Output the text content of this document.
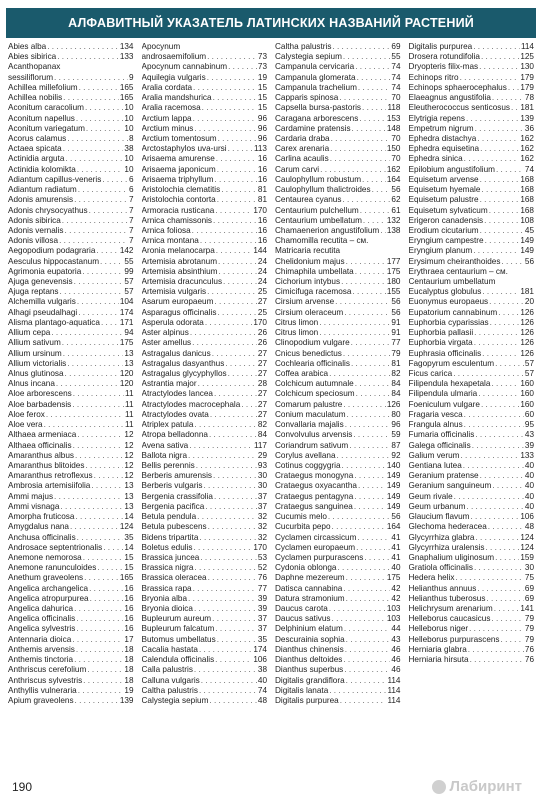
АЛФАВИТНЫЙ УКАЗАТЕЛЬ ЛАТИНСКИХ НАЗВАНИЙ РАСТЕНИЙ
Abies alba . . .	134
Abies sibirica . . .	133
Acanthopanax
sessiliflorum . . .	9
Achillea millefolium . . .	165
Achillea nobilis . . .	165
Aconitum caracolium . . .	10
Aconitum napellus . . .	10
Aconitum variegatum . . .	10
Acorus calamus . . .	8
Actaea spicata . . .	38
Actinidia arguta . . .	10
Actinidia kolomikta . . .	10
Adiantum capillus-veneris . . .	6
Adiantum radiatum . . .	6
Adonis amurensis . . .	7
Adonis chrysocyathus . . .	7
Adonis sibirica . . .	7
Adonis vernalis . . .	7
Adonis villosa . . .	7
Aegopodium podagraria . . .	142
Aesculus hippocastanum . . .	55
Agrimonia eupatoria . . .	99
Ajuga genevensis . . .	57
Ajuga reptans . . .	57
Alchemilla vulgaris . . .	104
Alhagi pseudalhagi . . .	174
Alisma plantago-aquatica . . . 171
Allium cepa . . .	94
Allium sativum . . .	175
Allium ursinum . . .	13
Allium victorialis . . .	13
Alnus glutinosa . . .	120
Alnus incana . . .	120
Aloe arborescens . . .	11
Aloe barbadensis . . .	11
Aloe ferox . . .	11
Aloe vera . . .	11
Althaea armeniaca . . .	12
Althaea officinalis . . .	12
Amaranthus albus . . .	12
Amaranthus blitoides . . .	12
Amaranthus retroflexus . . .	12
Ambrosia artemisiifolia . . .	13
Ammi majus . . .	13
Ammi visnaga . . .	13
Amorpha fruticosa . . .	14
Amygdalus nana . . .	124
Anchusa officinalis . . .	35
Androsace septentrionalis . . .	14
Anemone nemorosa . . .	15
Anemone ranunculoides . . .	15
Anethum graveolens . . .	165
Angelica archangelica . . .	16
Angelica atropurpurea . . .	16
Angelica dahurica . . .	16
Angelica officinalis . . .	16
Angelica sylvestris . . .	16
Antennaria dioica . . .	17
Anthemis arvensis . . .	18
Anthemis tinctoria . . .	18
Anthriscus cerefolium . . .	18
Anthriscus sylvestris . . .	18
Anthyllis vulneraria . . .	19
Apium graveolens . . .	139
Apocynum
androsaemifolium . . .	73
Apocynum cannabinum . . .	73
Aquilegia vulgaris . . .	19
Aralia cordata . . .	15
Aralia mandshurica . . .	15
Aralia racemosa . . .	15
Arctium lappa . . .	96
Arctium minus . . .	96
Arctium tomentosum . . .	96
Arctostaphylos uva-ursi . . .	113
Arisaema amurense . . .	16
Arisaema japonicum . . .	16
Arisaema triphyllum . . .	16
Aristolochia clematitis . . .	81
Aristolochia contorta . . .	81
Armoracia rusticana . . .	170
Arnica chamissonis . . .	16
Arnica foliosa . . .	16
Arnica montana . . .	16
Aronia melanocarpa . . .	144
Artemisia abrotanum . . .	24
Artemisia absinthium . . .	24
Artemisia dracunculus . . .	24
Artemisia vulgaris . . .	25
Asarum europaeum . . .	27
Asparagus officinalis . . .	25
Asperula odorata . . .	170
Aster alpinus . . .	26
Aster amellus . . .	26
Astragalus danicus . . .	27
Astragalus dasyanthus . . .	27
Astragalus glycyphyllos . . .	27
Astrantia major . . .	28
Atractylodes lancea . . .	27
Atractylodes macrocephala . . . 27
Atractylodes ovata . . .	27
Atriplex patula . . .	82
Atropa belladonna . . .	84
Avena sativa . . .	117
Ballota nigra . . .	29
Bellis perennis . . .	93
Berberis amurensis . . .	30
Berberis vulgaris . . .	30
Bergenia crassifolia . . .	37
Bergenia pacifica . . .	37
Betula pendula . . .	32
Betula pubescens . . .	32
Bidens tripartita . . .	32
Boletus edulis . . .	170
Brassica juncea . . .	53
Brassica nigra . . .	52
Brassica oleracea . . .	76
Brassica rapa . . .	77
Bryonia alba . . .	39
Bryonia dioica . . .	39
Bupleurum aureum . . .	37
Bupleurum falcatum . . .	37
Butomus umbellatus . . .	35
Cacalia hastata . . .	174
Calendula officinalis . . .	106
Calla palustris . . .	38
Calluna vulgaris . . .	40
Caltha palustris . . .	74
Calystegia sepium . . .	48
Caltha palustris . . .	69
Calystegia sepium . . .	55
Campanula cervicaria . . .	74
Campanula glomerata . . .	74
Campanula trachelium . . .	74
Capparis spinosa . . .	70
Capsella bursa-pastoris . . .	118
Caragana arborescens . . .	153
Cardamine pratensis . . .	148
Cardaria draba . . .	70
Carex arenaria . . .	150
Carlina acaulis . . .	70
Carum carvi . . .	162
Caulophyllum robustum . . .	164
Caulophyllum thalictroides . . .	56
Centaurea cyanus . . .	62
Centaurium pulchellum . . .	61
Centaurium umbellatum . . .	132
Chamaenerion angustifolium . . . 138
Chamomilla recutita – см.
Matricaria recutita
Chelidonium majus . . .	177
Chimaphila umbellata . . .	175
Cichorium intybus . . .	180
Cimicifuga racemosa . . .	155
Cirsium arvense . . .	56
Cirsium oleraceum . . .	56
Citrus limon . . .	91
Citrus limon . . .	91
Clinopodium vulgare . . .	77
Cnicus benedictus . . .	79
Cochlearia officinalis . . .	81
Coffea arabica . . .	82
Colchicum autumnale . . .	84
Colchicum speciosum . . .	84
Comarum palustre . . .	126
Conium maculatum . . .	80
Convallaria majalis . . .	96
Convolvulus arvensis . . .	59
Coriandrum sativum . . .	87
Corylus avellana . . .	92
Cotinus coggygria . . .	140
Crataegus monogyna . . .	149
Crataegus oxyacantha . . .	149
Crataegus pentagyna . . .	149
Crataegus sanguinea . . .	149
Cucumis melo . . .	56
Cucurbita pepo . . .	164
Cyclamen circassicum . . .	41
Cyclamen europaeum . . .	41
Cyclamen purpurascens . . .	41
Cydonia oblonga . . .	40
Daphne mezereum . . .	175
Datisca cannabina . . .	42
Datura stramonium . . .	42
Daucus carota . . .	103
Daucus sativus . . .	103
Delphinium elatum . . .	44
Descurainia sophia . . .	43
Dianthus chinensis . . .	46
Dianthus deltoides . . .	46
Dianthus superbus . . .	46
Digitalis grandiflora . . .	114
Digitalis lanata . . .	114
Digitalis purpurea . . .	114
Digitalis purpurea . . .	114
Drosera rotundifolia . . .	125
Dryopteris filix-mas . . .	130
Echinops ritro . . .	179
Echinops sphaerocephalus . . . 179
Elaeagnus angustifolia . . .	78
Eleutherococcus senticosus . . . 181
Elytrigia repens . . .	139
Empetrum nigrum . . .	36
Ephedra distachya . . .	162
Ephedra equisetina . . .	162
Ephedra sinica . . .	162
Epilobium angustifolium . . .	74
Equisetum arvense . . .	168
Equisetum hyemale . . .	168
Equisetum palustre . . .	168
Equisetum sylvaticum . . .	168
Erigeron canadensis . . .	108
Erodium cicutarium . . .	45
Eryngium campestre . . .	149
Eryngium planum . . .	149
Erysimum cheiranthoides . . .	56
Erythraea centaurium – см.
Centaurium umbellatum
Eucalyptus globulus . . .	181
Euonymus europaeus . . .	20
Eupatorium cannabinum . . .	126
Euphorbia cyparissias . . .	126
Euphorbia pallasii . . .	126
Euphorbia virgata . . .	126
Euphrasia officinalis . . .	126
Fagopyrum esculentum . . .	57
Ficus carica . . .	57
Filipendula hexapetala . . .	160
Filipendula ulmaria . . .	160
Foeniculum vulgare . . .	160
Fragaria vesca . . .	60
Frangula alnus . . .	95
Fumaria officinalis . . .	43
Galega officinalis . . .	39
Galium verum . . .	133
Gentiana lutea . . .	40
Geranium pratense . . .	40
Geranium sanguineum . . .	40
Geum rivale . . .	40
Geum urbanum . . .	40
Glaucium flavum . . .	106
Glechoma hederacea . . .	48
Glycyrrhiza glabra . . .	124
Glycyrrhiza uralensis . . .	124
Gnaphalium uliginosum . . .	159
Gratiola officinalis . . .	30
Hedera helix . . .	75
Helianthus annuus . . .	69
Helianthus tuberosus . . .	69
Helichrysum arenarium . . .	141
Helleborus caucasicus . . .	79
Helleborus niger . . .	79
Helleborus purpurascens . . .	79
Herniaria glabra . . .	76
Herniaria hirsuta . . .	76
190	Лабиринт
